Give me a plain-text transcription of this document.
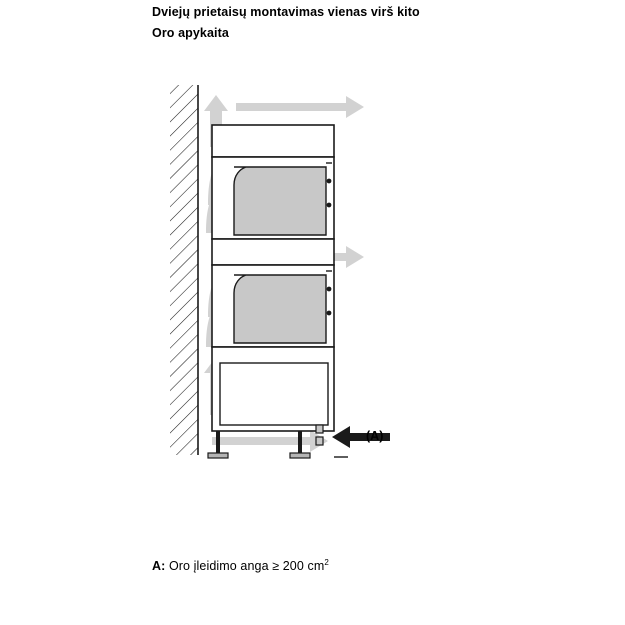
Dviejų prietaisų montavimas vienas virš kito
Oro apykaita
(A)
A: Oro įleidimo anga ≥ 200 $cm^2$
